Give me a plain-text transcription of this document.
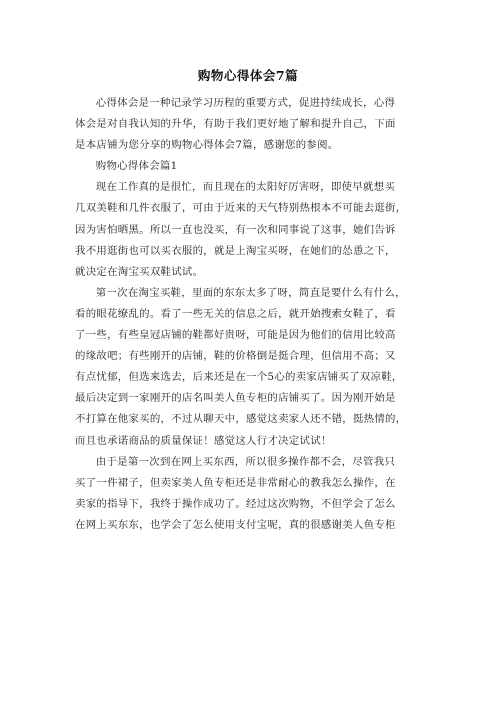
购物心得体会7篇

心得体会是一种记录学习历程的重要方式，促进持续成长，心得
体会是对自我认知的升华，有助于我们更好地了解和提升自己，下面
是本店铺为您分享的购物心得体会7篇，感谢您的参阅。

购物心得体会篇1

现在工作真的是很忙，而且现在的太阳好厉害呀，即使早就想买
几双美鞋和几件衣服了，可由于近来的天气特别热根本不可能去逛街，
因为害怕晒黑。所以一直也没买，有一次和同事说了这事，她们告诉
我不用逛街也可以买衣服的，就是上淘宝买呀，在她们的怂恿之下，
就决定在淘宝买双鞋试试。

第一次在淘宝买鞋，里面的东东太多了呀，简直是要什么有什么，
看的眼花缭乱的。看了一些无关的信息之后，就开始搜索女鞋了，看
了一些，有些皇冠店铺的鞋都好贵呀，可能是因为他们的信用比较高
的缘故吧；有些刚开的店铺，鞋的价格倒是挺合理，但信用不高；又
有点忧郁，但选来选去，后来还是在一个5心的卖家店铺买了双凉鞋，
最后决定到一家刚开的店名叫美人鱼专柜的店铺买了。因为刚开始是
不打算在他家买的，不过从聊天中，感觉这卖家人还不错，挺热情的，
而且也承诺商品的质量保证！感觉这人行才决定试试！

由于是第一次到在网上买东西，所以很多操作都不会，尽管我只
买了一件裙子，但卖家美人鱼专柜还是非常耐心的教我怎么操作，在
卖家的指导下，我终于操作成功了。经过这次购物，不但学会了怎么
在网上买东东，也学会了怎么使用支付宝呢，真的很感谢美人鱼专柜
